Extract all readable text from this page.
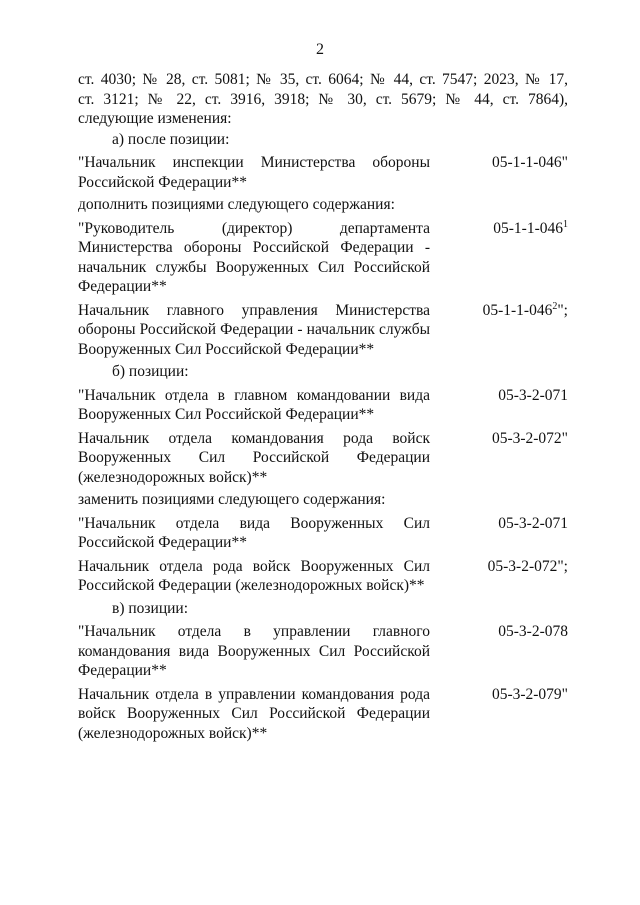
2
ст. 4030; № 28, ст. 5081; № 35, ст. 6064; № 44, ст. 7547; 2023, № 17,
ст. 3121; № 22, ст. 3916, 3918; № 30, ст. 5679; № 44, ст. 7864),
следующие изменения:
а) после позиции:
"Начальник инспекции Министерства обороны Российской Федерации**
05-1-1-046"
дополнить позициями следующего содержания:
"Руководитель (директор) департамента Министерства обороны Российской Федерации - начальник службы Вооруженных Сил Российской Федерации**
$05-1-1-046^1$
Начальник главного управления Министерства обороны Российской Федерации - начальник службы Вооруженных Сил Российской Федерации**
$05-1-1-046^2$";
б) позиции:
"Начальник отдела в главном командовании вида Вооруженных Сил Российской Федерации**
05-3-2-071
Начальник отдела командования рода войск Вооруженных Сил Российской Федерации (железнодорожных войск)**
05-3-2-072"
заменить позициями следующего содержания:
"Начальник отдела вида Вооруженных Сил Российской Федерации**
05-3-2-071
Начальник отдела рода войск Вооруженных Сил Российской Федерации (железнодорожных войск)**
05-3-2-072";
в) позиции:
"Начальник отдела в управлении главного командования вида Вооруженных Сил Российской Федерации**
05-3-2-078
Начальник отдела в управлении командования рода войск Вооруженных Сил Российской Федерации (железнодорожных войск)**
05-3-2-079"
